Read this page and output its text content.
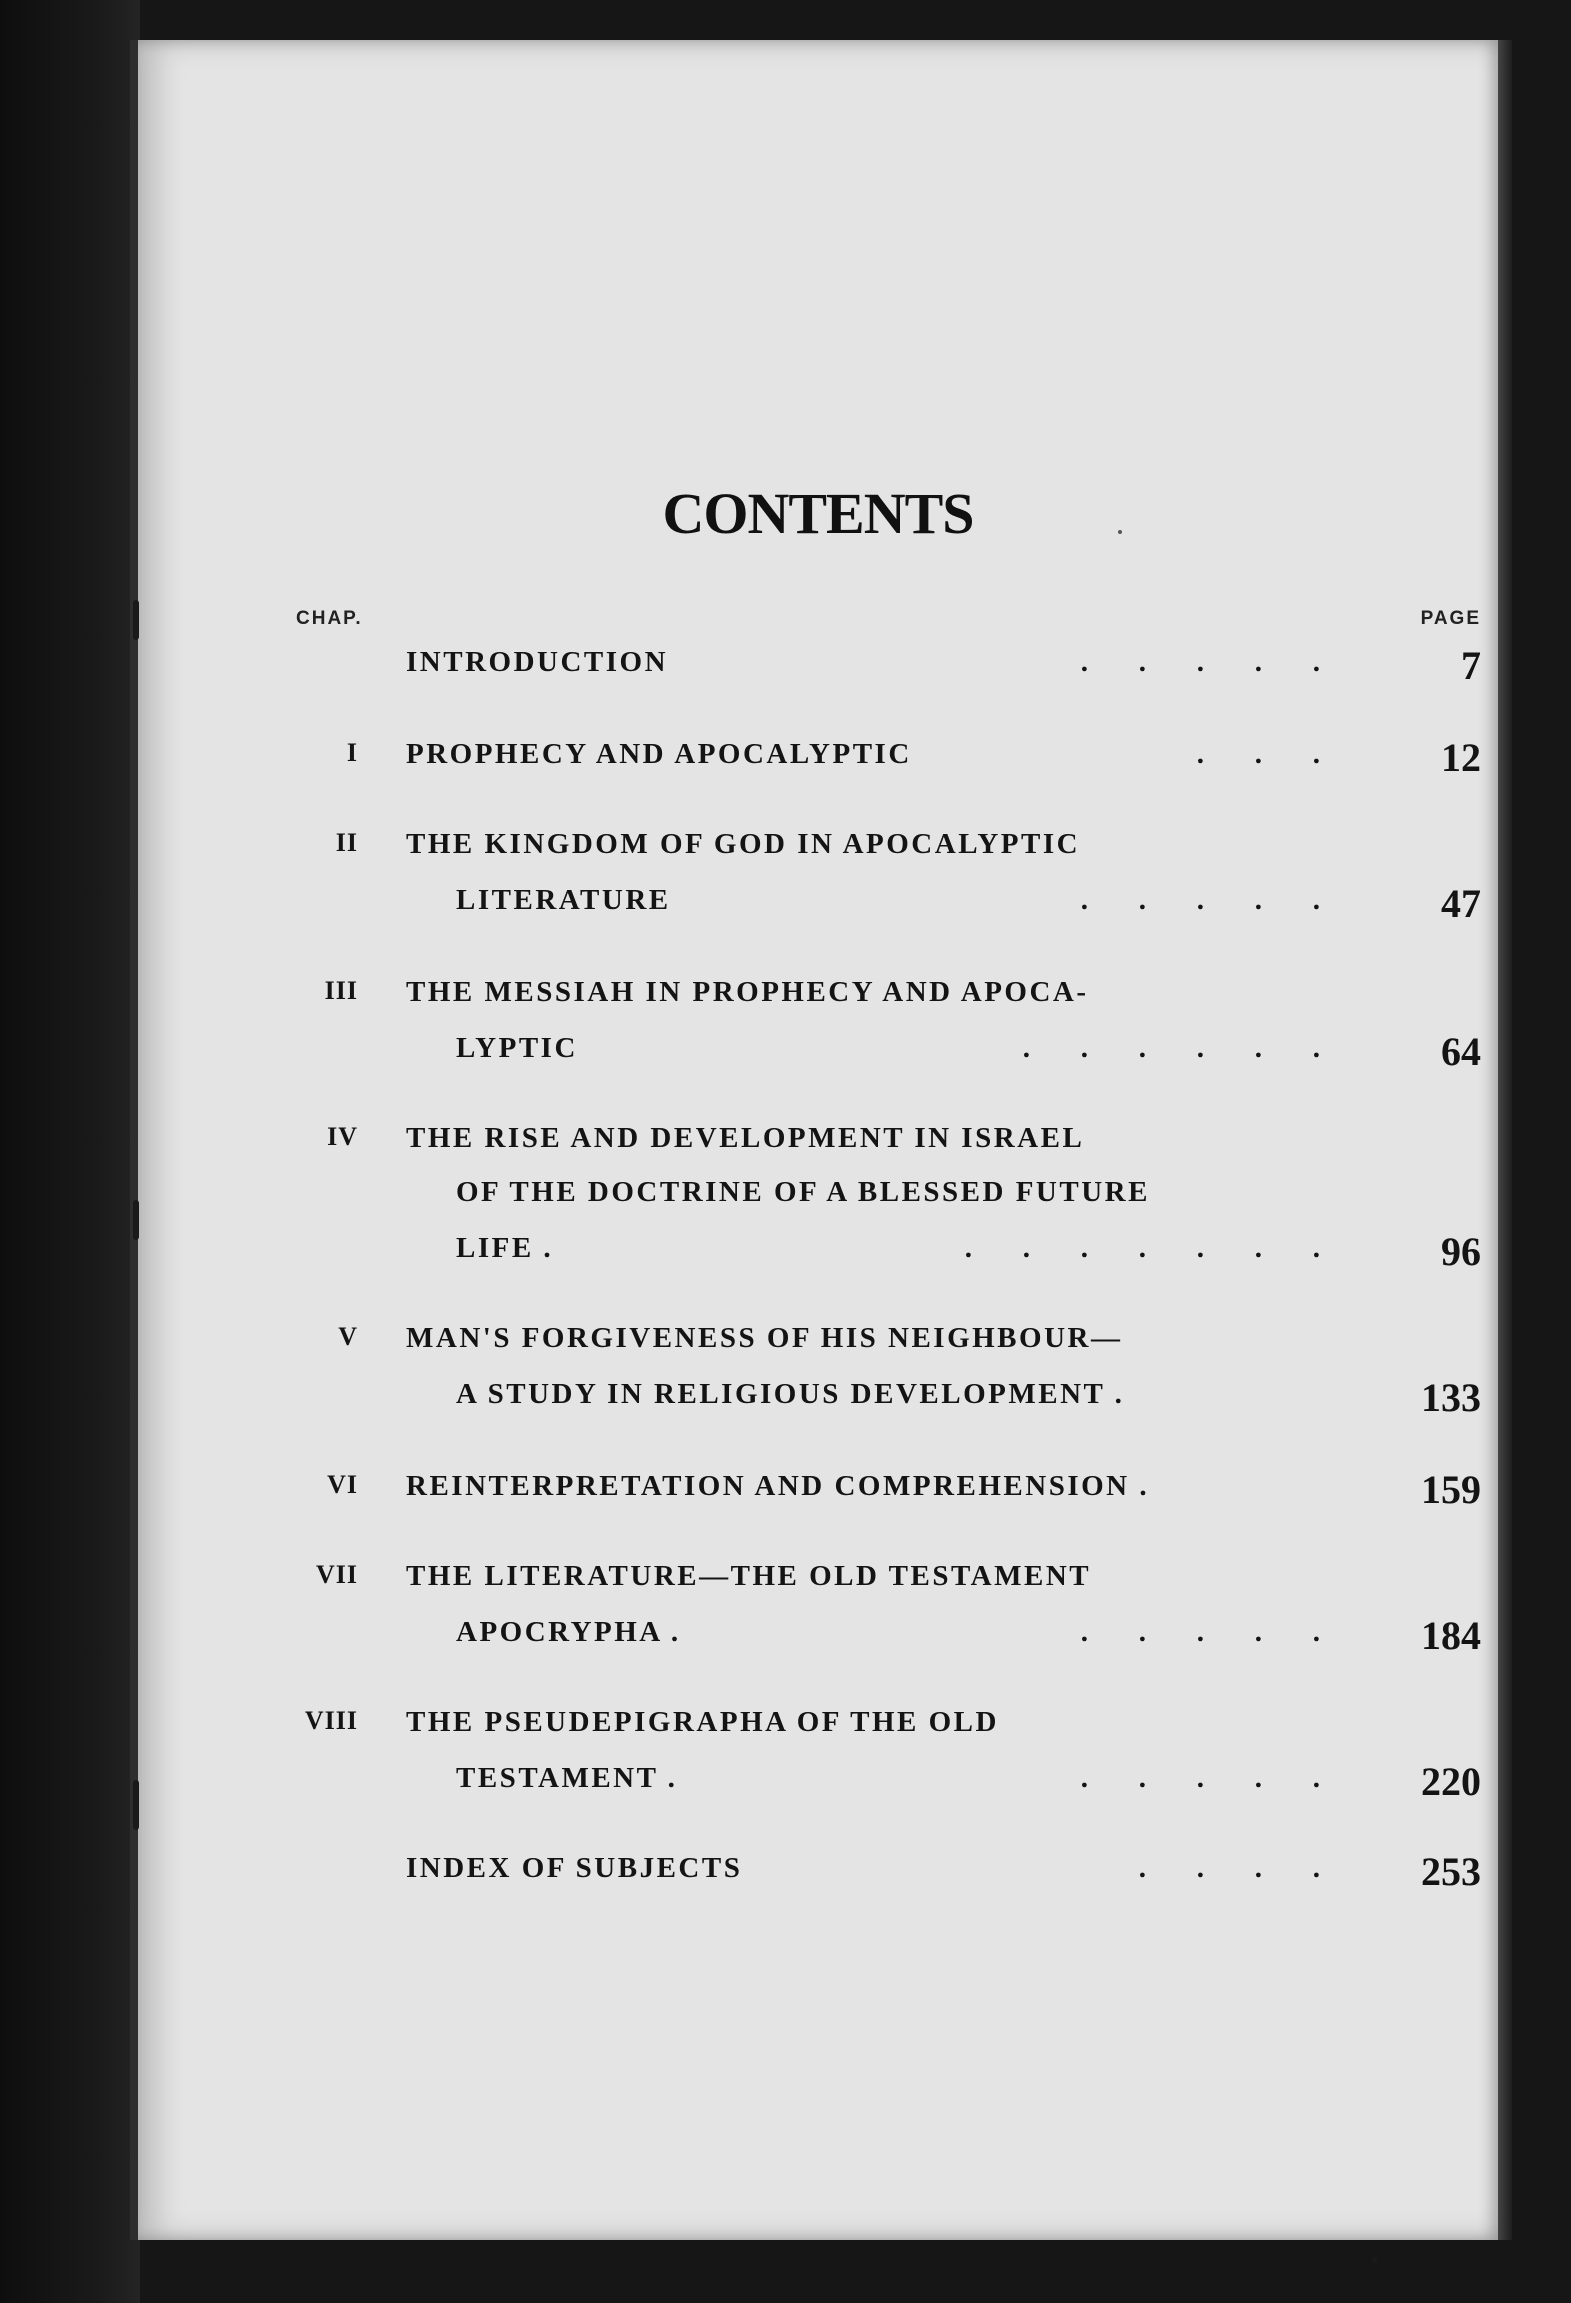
CONTENTS
CHAP.	PAGE
INTRODUCTION	.       .       .       .       .	7
I PROPHECY AND APOCALYPTIC	.       .       .	12
II THE KINGDOM OF GOD IN APOCALYPTIC
LITERATURE	.       .       .       .       .	47
III THE MESSIAH IN PROPHECY AND APOCA-
LYPTIC	.       .       .       .       .       .	64
IV THE RISE AND DEVELOPMENT IN ISRAEL
OF THE DOCTRINE OF A BLESSED FUTURE
LIFE .	.       .       .       .       .       .       .	96
V MAN'S FORGIVENESS OF HIS NEIGHBOUR—
A STUDY IN RELIGIOUS DEVELOPMENT .	133
VI REINTERPRETATION AND COMPREHENSION .	159
VII THE LITERATURE—THE OLD TESTAMENT
APOCRYPHA .	.       .       .       .       .	184
VIII THE PSEUDEPIGRAPHA OF THE OLD
TESTAMENT .	.       .       .       .       .	220
INDEX OF SUBJECTS	.       .       .       .	253
